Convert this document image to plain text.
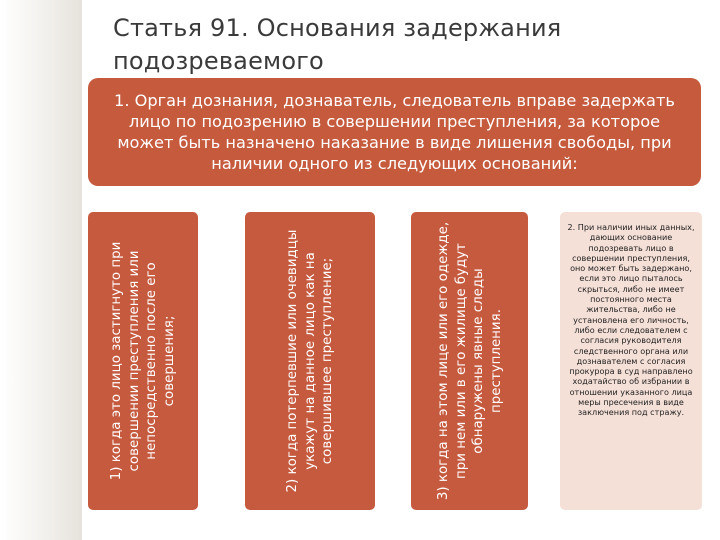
Статья 91. Основания задержания подозреваемого
1. Орган дознания, дознаватель, следователь вправе задержать лицо по подозрению в совершении преступления, за которое может быть назначено наказание в виде лишения свободы, при наличии одного из следующих оснований:
1) когда это лицо застигнуто при совершении преступления или непосредственно после его совершения;	2) когда потерпевшие или очевидцы укажут на данное лицо как на совершившее преступление;	3) когда на этом лице или его одежде, при нем или в его жилище будут обнаружены явные следы преступления.
2. При наличии иных данных, дающих основание подозревать лицо в совершении преступления, оно может быть задержано, если это лицо пыталось скрыться, либо не имеет постоянного места жительства, либо не установлена его личность, либо если следователем с согласия руководителя следственного органа или дознавателем с согласия прокурора в суд направлено ходатайство об избрании в отношении указанного лица меры пресечения в виде заключения под стражу.
